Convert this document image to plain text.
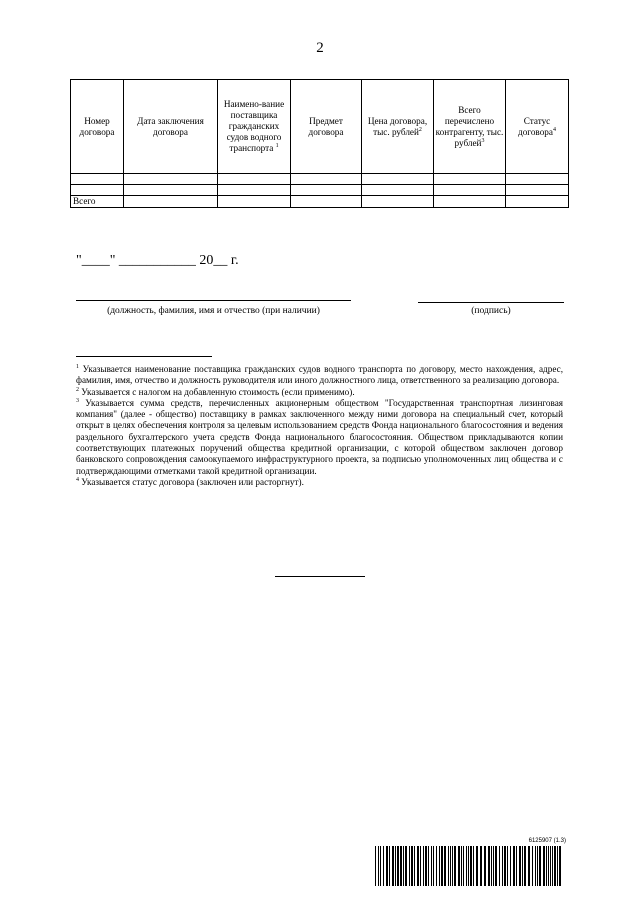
2
Номер договора	Дата заключения договора	Наимено-вание поставщика гражданских судов водного транспорта $^1$	Предмет договора	Цена договора, тыс. рублей$^2$	Всего перечислено контрагенту, тыс. рублей$^3$	Статус договора$^4$

Всего						
"____" ___________ 20__ г.
(должность, фамилия, имя и отчество (при наличии)	(подпись)

$^1$ Указывается наименование поставщика гражданских судов водного транспорта по договору, место нахождения, адрес, фамилия, имя, отчество и должность руководителя или иного должностного лица, ответственного за реализацию договора.

$^2$ Указывается с налогом на добавленную стоимость (если применимо).

$^3$ Указывается сумма средств, перечисленных акционерным обществом "Государственная транспортная лизинговая компания" (далее - общество) поставщику в рамках заключенного между ними договора на специальный счет, который открыт в целях обеспечения контроля за целевым использованием средств Фонда национального благосостояния и ведения раздельного бухгалтерского учета средств Фонда национального благосостояния. Обществом прикладываются копии соответствующих платежных поручений общества кредитной организации, с которой обществом заключен договор банковского сопровождения самоокупаемого инфраструктурного проекта, за подписью уполномоченных лиц общества и с подтверждающими отметками такой кредитной организации.

$^4$ Указывается статус договора (заключен или расторгнут).

6125907 (1.3)
